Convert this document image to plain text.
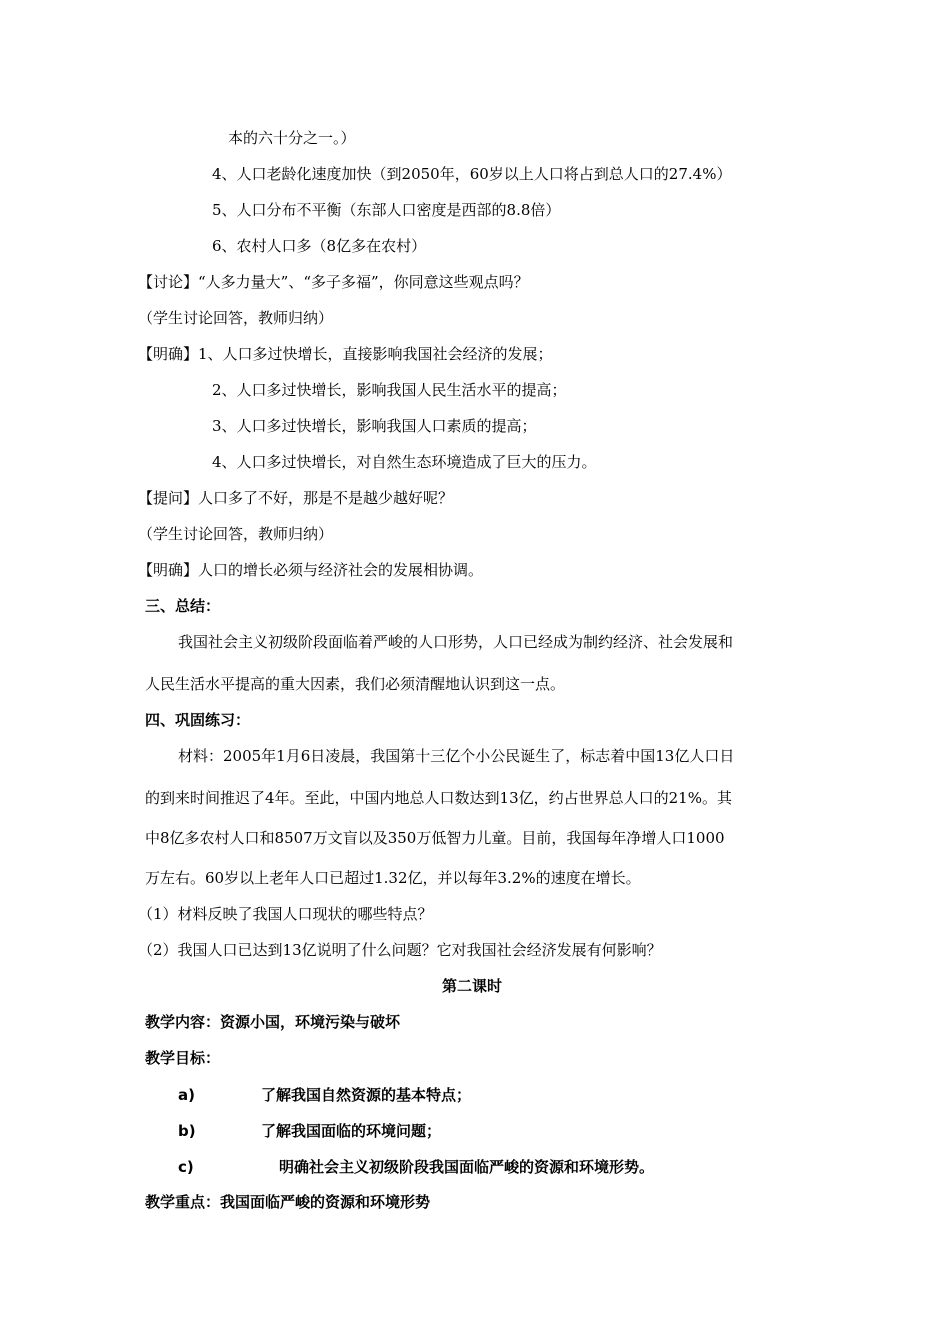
本的六十分之一。）
4、人口老龄化速度加快（到2050年，60岁以上人口将占到总人口的27.4%）
5、人口分布不平衡（东部人口密度是西部的8.8倍）
6、农村人口多（8亿多在农村）
【讨论】“人多力量大”、“多子多福”，你同意这些观点吗？
（学生讨论回答，教师归纳）
【明确】1、人口多过快增长，直接影响我国社会经济的发展；
2、人口多过快增长，影响我国人民生活水平的提高；
3、人口多过快增长，影响我国人口素质的提高；
4、人口多过快增长，对自然生态环境造成了巨大的压力。
【提问】人口多了不好，那是不是越少越好呢？
（学生讨论回答，教师归纳）
【明确】人口的增长必须与经济社会的发展相协调。
三、总结：
我国社会主义初级阶段面临着严峻的人口形势，人口已经成为制约经济、社会发展和
人民生活水平提高的重大因素，我们必须清醒地认识到这一点。
四、巩固练习：
材料：2005年1月6日凌晨，我国第十三亿个小公民诞生了，标志着中国13亿人口日
的到来时间推迟了4年。至此，中国内地总人口数达到13亿，约占世界总人口的21%。其
中8亿多农村人口和8507万文盲以及350万低智力儿童。目前，我国每年净增人口1000
万左右。60岁以上老年人口已超过1.32亿，并以每年3.2%的速度在增长。
（1）材料反映了我国人口现状的哪些特点？
（2）我国人口已达到13亿说明了什么问题？它对我国社会经济发展有何影响？
第二课时
教学内容：资源小国，环境污染与破坏
教学目标：
a)	了解我国自然资源的基本特点；
b)	了解我国面临的环境问题；
c)	明确社会主义初级阶段我国面临严峻的资源和环境形势。
教学重点：我国面临严峻的资源和环境形势
